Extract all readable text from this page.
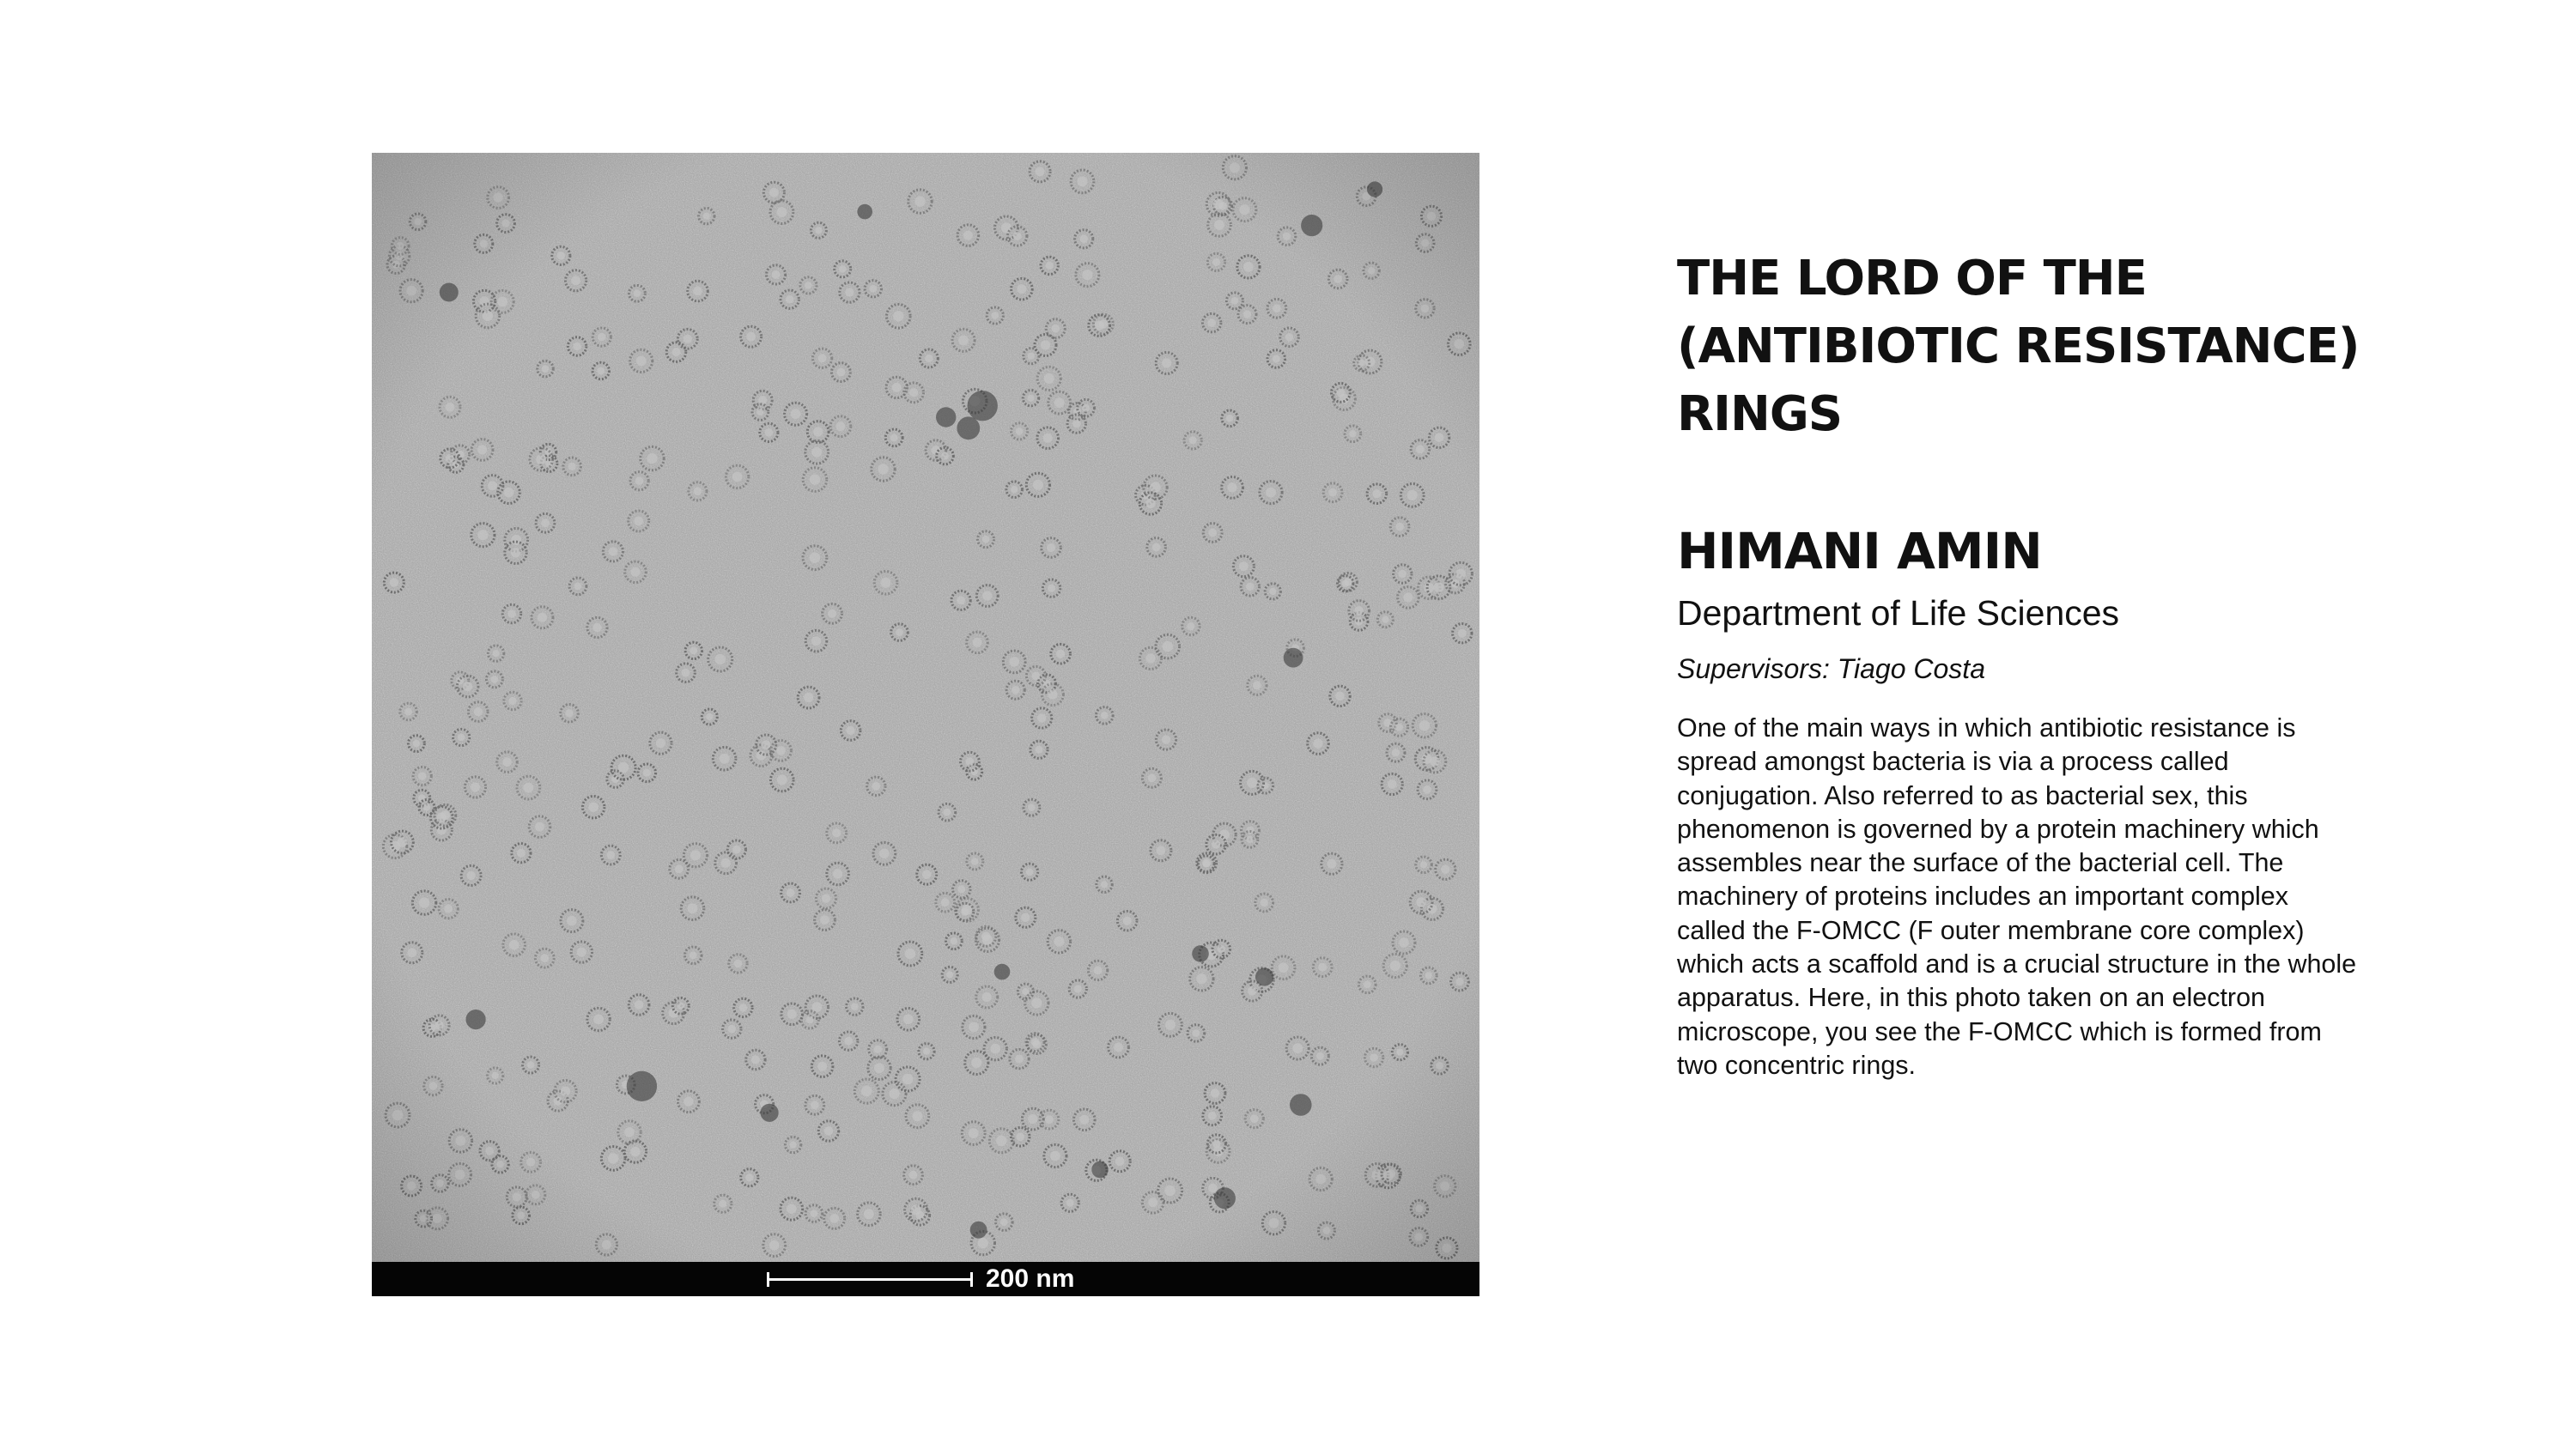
200 nm
THE LORD OF THE
(ANTIBIOTIC RESISTANCE)
RINGS
HIMANI AMIN

Department of Life Sciences

Supervisors: Tiago Costa

One of the main ways in which antibiotic resistance is spread amongst bacteria is via a process called conjugation. Also referred to as bacterial sex, this phenomenon is governed by a protein machinery which assembles near the surface of the bacterial cell. The machinery of proteins includes an important complex called the F-OMCC (F outer membrane core complex) which acts a scaffold and is a crucial structure in the whole apparatus. Here, in this photo taken on an electron microscope, you see the F-OMCC which is formed from two concentric rings.
